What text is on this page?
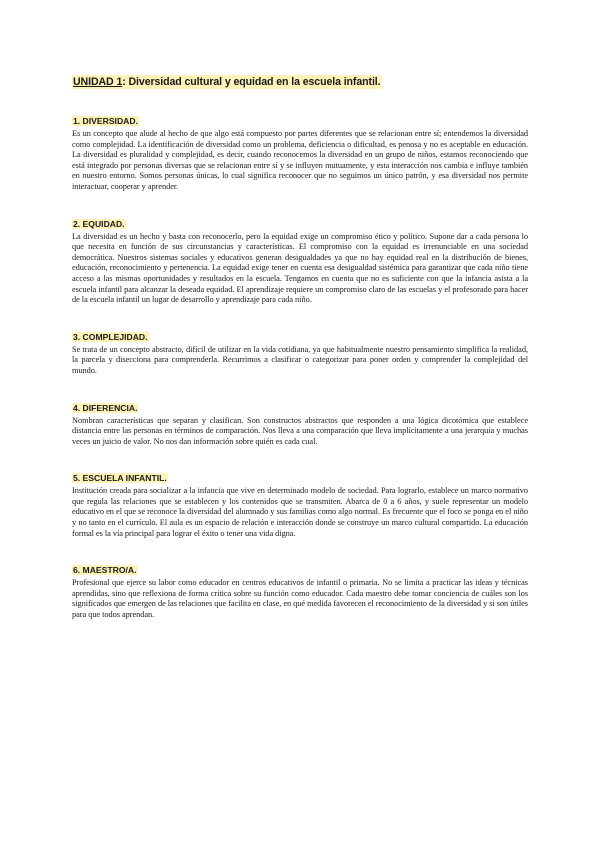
UNIDAD 1: Diversidad cultural y equidad en la escuela infantil.
1. DIVERSIDAD.

Es un concepto que alude al hecho de que algo está compuesto por partes diferentes que se relacionan entre sí; entendemos la diversidad como complejidad. La identificación de diversidad como un problema, deficiencia o dificultad, es penosa y no es aceptable en educación. La diversidad es pluralidad y complejidad, es decir, cuando reconocemos la diversidad en un grupo de niños, estamos reconociendo que está integrado por personas diversas que se relacionan entre sí y se influyen mutuamente, y esta interacción nos cambia e influye también en nuestro entorno. Somos personas únicas, lo cual significa reconocer que no seguimos un único patrón, y esa diversidad nos permite interactuar, cooperar y aprender.

2. EQUIDAD.

La diversidad es un hecho y basta con reconocerlo, pero la equidad exige un compromiso ético y político. Supone dar a cada persona lo que necesita en función de sus circunstancias y características. El compromiso con la equidad es irrenunciable en una sociedad democrática. Nuestros sistemas sociales y educativos generan desigualdades ya que no hay equidad real en la distribución de bienes, educación, reconocimiento y pertenencia. La equidad exige tener en cuenta esa desigualdad sistémica para garantizar que cada niño tiene acceso a las mismas oportunidades y resultados en la escuela. Tengamos en cuenta que no es suficiente con que la infancia asista a la escuela infantil para alcanzar la deseada equidad. El aprendizaje requiere un compromiso claro de las escuelas y el profesorado para hacer de la escuela infantil un lugar de desarrollo y aprendizaje para cada niño.

3. COMPLEJIDAD.

Se trata de un concepto abstracto, difícil de utilizar en la vida cotidiana, ya que habitualmente nuestro pensamiento simplifica la realidad, la parcela y disecciona para comprenderla. Recurrimos a clasificar o categorizar para poner orden y comprender la complejidad del mundo.

4. DIFERENCIA.

Nombran características que separan y clasifican. Son constructos abstractos que responden a una lógica dicotómica que establece distancia entre las personas en términos de comparación. Nos lleva a una comparación que lleva implícitamente a una jerarquía y muchas veces un juicio de valor. No nos dan información sobre quién es cada cual.

5. ESCUELA INFANTIL.

Institución creada para socializar a la infancia que vive en determinado modelo de sociedad. Para lograrlo, establece un marco normativo que regula las relaciones que se establecen y los contenidos que se transmiten. Abarca de 0 a 6 años, y suele representar un modelo educativo en el que se reconoce la diversidad del alumnado y sus familias como algo normal. Es frecuente que el foco se ponga en el niño y no tanto en el currículo. El aula es un espacio de relación e interacción donde se construye un marco cultural compartido. La educación formal es la vía principal para lograr el éxito o tener una vida digna.

6. MAESTRO/A.

Profesional que ejerce su labor como educador en centros educativos de infantil o primaria. No se limita a practicar las ideas y técnicas aprendidas, sino que reflexiona de forma crítica sobre su función como educador. Cada maestro debe tomar conciencia de cuáles son los significados que emergen de las relaciones que facilita en clase, en qué medida favorecen el reconocimiento de la diversidad y si son útiles para que todos aprendan.
